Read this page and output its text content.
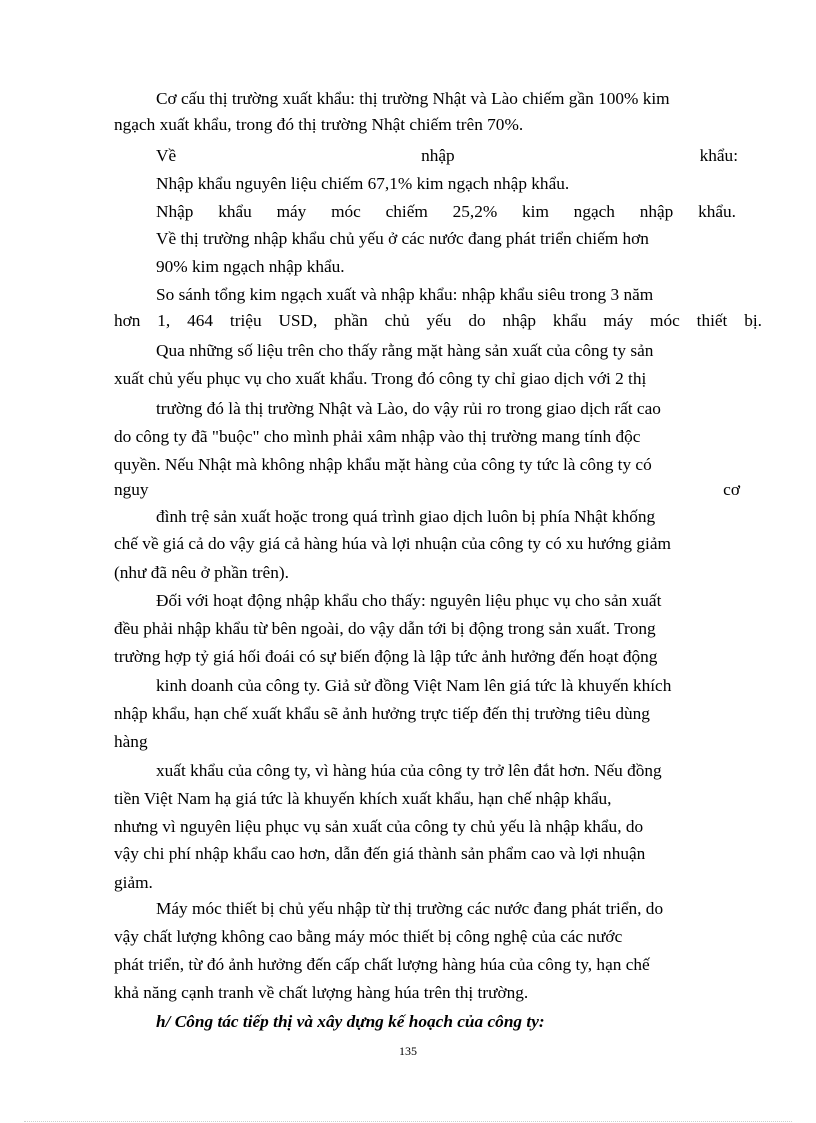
Cơ cấu thị trường xuất khẩu: thị trường Nhật và Lào chiếm gần 100% kim
ngạch xuất khẩu, trong đó thị trường Nhật chiếm trên 70%.
Về nhập khẩu:
Nhập khẩu nguyên liệu chiếm 67,1% kim ngạch nhập khẩu.
Nhập khẩu máy móc chiếm 25,2% kim ngạch nhập khẩu.
Về thị trường nhập khẩu chủ yếu ở các nước đang phát triển chiếm hơn
90% kim ngạch nhập khẩu.
So sánh tổng kim ngạch xuất và nhập khẩu: nhập khẩu siêu trong 3 năm
hơn 1, 464 triệu USD, phần chủ yếu do nhập khẩu máy móc thiết bị.
Qua những số liệu trên cho thấy rằng mặt hàng sản xuất của công ty sản
xuất chủ yếu phục vụ cho xuất khẩu. Trong đó công ty chỉ giao dịch với 2 thị
trường đó là thị trường Nhật và Lào, do vậy rủi ro trong giao dịch rất cao
do công ty đã "buộc" cho mình phải xâm nhập vào thị trường mang tính độc
quyền. Nếu Nhật mà không nhập khẩu mặt hàng của công ty tức là công ty có
nguy cơ
đình trệ sản xuất hoặc trong quá trình giao dịch luôn bị phía Nhật khống
chế về giá cả do vậy giá cả hàng húa và lợi nhuận của công ty có xu hướng giảm
(như đã nêu ở phần trên).
Đối với hoạt động nhập khẩu cho thấy: nguyên liệu phục vụ cho sản xuất
đều phải nhập khẩu từ bên ngoài, do vậy dẫn tới bị động trong sản xuất. Trong
trường hợp tỷ giá hối đoái có sự biến động là lập tức ảnh hưởng đến hoạt động
kinh doanh của công ty. Giả sử đồng Việt Nam lên giá tức là khuyến khích
nhập khẩu, hạn chế xuất khẩu sẽ ảnh hưởng trực tiếp đến thị trường tiêu dùng
hàng
xuất khẩu của công ty, vì hàng húa của công ty trở lên đắt hơn. Nếu đồng
tiền Việt Nam hạ giá tức là khuyến khích xuất khẩu, hạn chế nhập khẩu,
nhưng vì nguyên liệu phục vụ sản xuất của công ty chủ yếu là nhập khẩu, do
vậy chi phí nhập khẩu cao hơn, dẫn đến giá thành sản phẩm cao và lợi nhuận
giảm.
Máy móc thiết bị chủ yếu nhập từ thị trường các nước đang phát triển, do
vậy chất lượng không cao bằng máy móc thiết bị công nghệ của các nước
phát triển, từ đó ảnh hưởng đến cấp chất lượng hàng húa của công ty, hạn chế
khả năng cạnh tranh về chất lượng hàng húa trên thị trường.
h/ Công tác tiếp thị và xây dựng kế hoạch của công ty:
135
